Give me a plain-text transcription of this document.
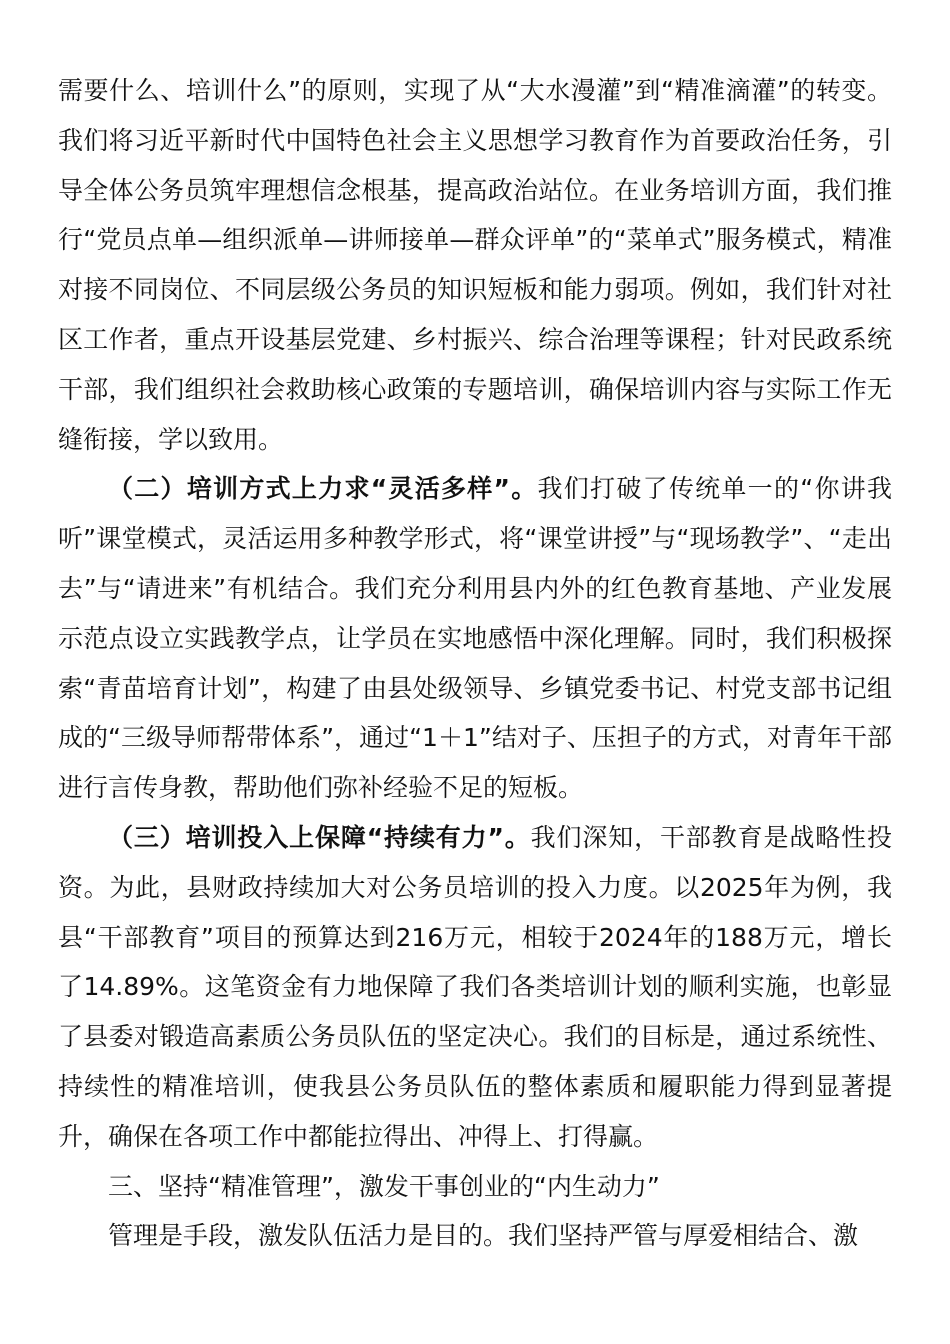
需要什么、培训什么”的原则，实现了从“大水漫灌”到“精准滴灌”的转变。我们将习近平新时代中国特色社会主义思想学习教育作为首要政治任务，引导全体公务员筑牢理想信念根基，提高政治站位。在业务培训方面，我们推行“党员点单—组织派单—讲师接单—群众评单”的“菜单式”服务模式，精准对接不同岗位、不同层级公务员的知识短板和能力弱项。例如，我们针对社区工作者，重点开设基层党建、乡村振兴、综合治理等课程；针对民政系统干部，我们组织社会救助核心政策的专题培训，确保培训内容与实际工作无缝衔接，学以致用。

（二）培训方式上力求“灵活多样”。我们打破了传统单一的“你讲我听”课堂模式，灵活运用多种教学形式，将“课堂讲授”与“现场教学”、“走出去”与“请进来”有机结合。我们充分利用县内外的红色教育基地、产业发展示范点设立实践教学点，让学员在实地感悟中深化理解。同时，我们积极探索“青苗培育计划”，构建了由县处级领导、乡镇党委书记、村党支部书记组成的“三级导师帮带体系”，通过“1＋1”结对子、压担子的方式，对青年干部进行言传身教，帮助他们弥补经验不足的短板。

（三）培训投入上保障“持续有力”。我们深知，干部教育是战略性投资。为此，县财政持续加大对公务员培训的投入力度。以2025年为例，我县“干部教育”项目的预算达到216万元，相较于2024年的188万元，增长了14.89%。这笔资金有力地保障了我们各类培训计划的顺利实施，也彰显了县委对锻造高素质公务员队伍的坚定决心。我们的目标是，通过系统性、持续性的精准培训，使我县公务员队伍的整体素质和履职能力得到显著提升，确保在各项工作中都能拉得出、冲得上、打得赢。

三、坚持“精准管理”，激发干事创业的“内生动力”

管理是手段，激发队伍活力是目的。我们坚持严管与厚爱相结合、激
